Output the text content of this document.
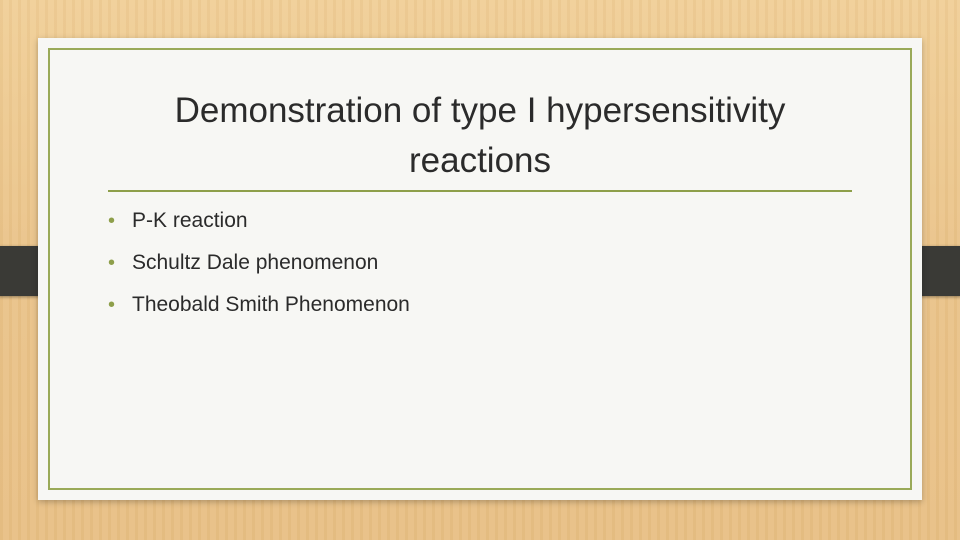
Demonstration of type I hypersensitivity reactions
• P-K reaction
• Schultz Dale phenomenon
• Theobald Smith Phenomenon
